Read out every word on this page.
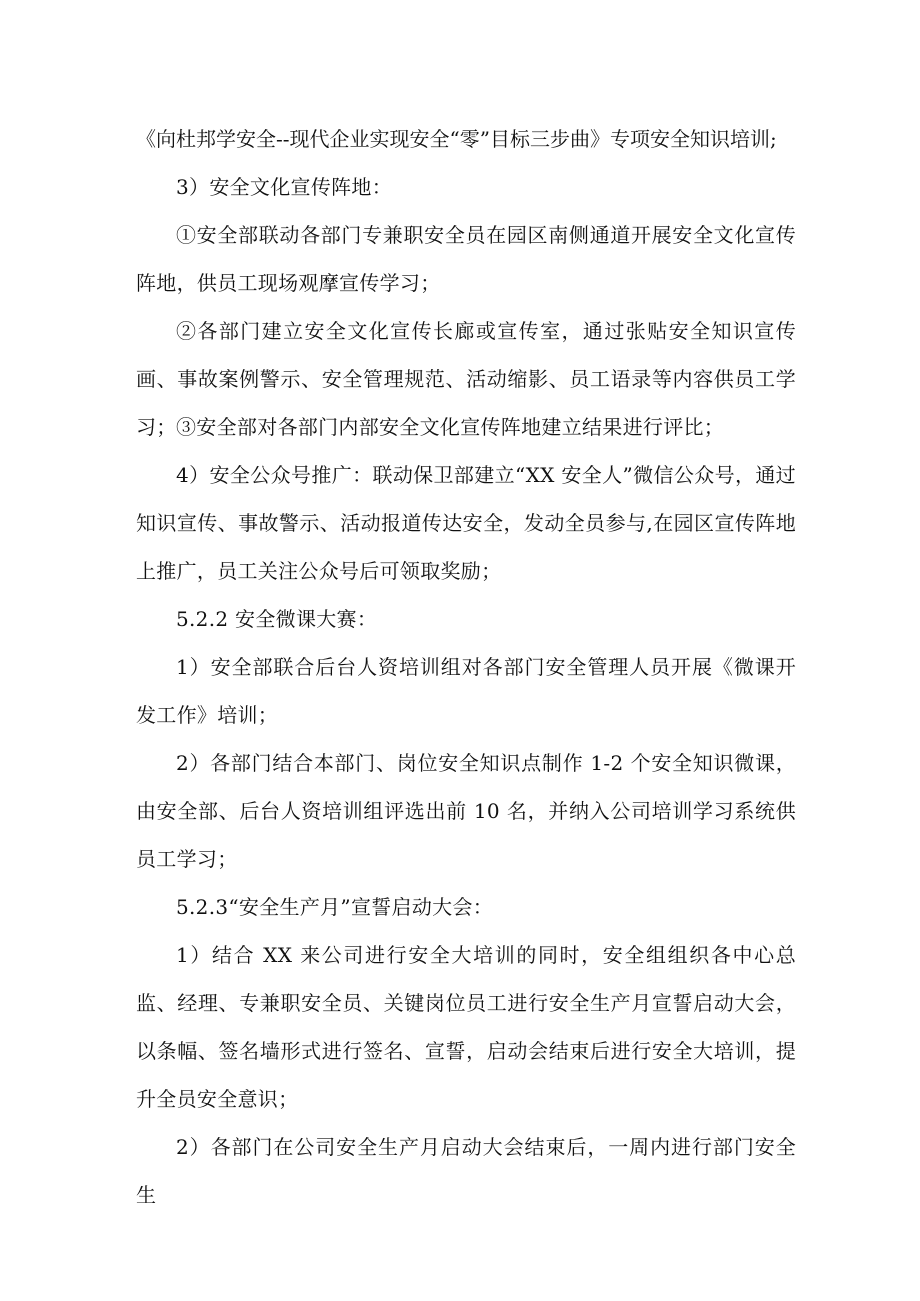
《向杜邦学安全--现代企业实现安全“零”目标三步曲》专项安全知识培训;

3）安全文化宣传阵地：

①安全部联动各部门专兼职安全员在园区南侧通道开展安全文化宣传阵地，供员工现场观摩宣传学习；

②各部门建立安全文化宣传长廊或宣传室，通过张贴安全知识宣传画、事故案例警示、安全管理规范、活动缩影、员工语录等内容供员工学习； ③安全部对各部门内部安全文化宣传阵地建立结果进行评比；

4）安全公众号推广：联动保卫部建立“XX 安全人”微信公众号，通过知识宣传、事故警示、活动报道传达安全，发动全员参与,在园区宣传阵地上推广，员工关注公众号后可领取奖励；

5.2.2 安全微课大赛：

1）安全部联合后台人资培训组对各部门安全管理人员开展《微课开发工作》培训；

2）各部门结合本部门、岗位安全知识点制作 1-2 个安全知识微课，由安全部、后台人资培训组评选出前 10 名，并纳入公司培训学习系统供员工学习；

5.2.3“安全生产月”宣誓启动大会：

1）结合 XX 来公司进行安全大培训的同时，安全组组织各中心总监、经理、专兼职安全员、关键岗位员工进行安全生产月宣誓启动大会，以条幅、签名墙形式进行签名、宣誓，启动会结束后进行安全大培训，提升全员安全意识；

2）各部门在公司安全生产月启动大会结束后，一周内进行部门安全生
